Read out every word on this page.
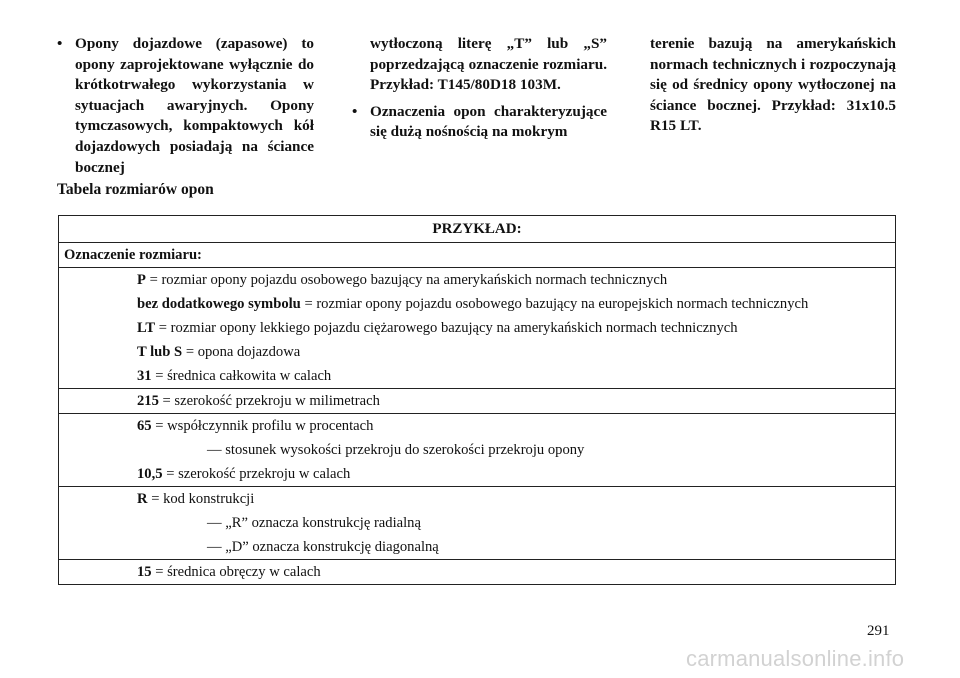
• Opony dojazdowe (zapasowe) to opony zaprojektowane wyłącznie do krótkotrwałego wykorzystania w sytuacjach awaryjnych. Opony tymczasowych, kompaktowych kół dojazdowych posiadają na ściance bocznej

wytłoczoną literę „T” lub „S” poprzedzającą oznaczenie rozmiaru. Przykład: T145/80D18 103M.

• Oznaczenia opon charakteryzujące się dużą nośnością na mokrym

terenie bazują na amerykańskich normach technicznych i rozpoczynają się od średnicy opony wytłoczonej na ściance bocznej. Przykład: 31x10.5 R15 LT.

Tabela rozmiarów opon
PRZYKŁAD:
Oznaczenie rozmiaru:

P = rozmiar opony pojazdu osobowego bazujący na amerykańskich normach technicznych
bez dodatkowego symbolu = rozmiar opony pojazdu osobowego bazujący na europejskich normach technicznych
LT = rozmiar opony lekkiego pojazdu ciężarowego bazujący na amerykańskich normach technicznych
T lub S = opona dojazdowa
31 = średnica całkowita w calach

215 = szerokość przekroju w milimetrach

65 = współczynnik profilu w procentach
— stosunek wysokości przekroju do szerokości przekroju opony
10,5 = szerokość przekroju w calach

R = kod konstrukcji
— „R” oznacza konstrukcję radialną
— „D” oznacza konstrukcję diagonalną

15 = średnica obręczy w calach
291
carmanualsonline.info
